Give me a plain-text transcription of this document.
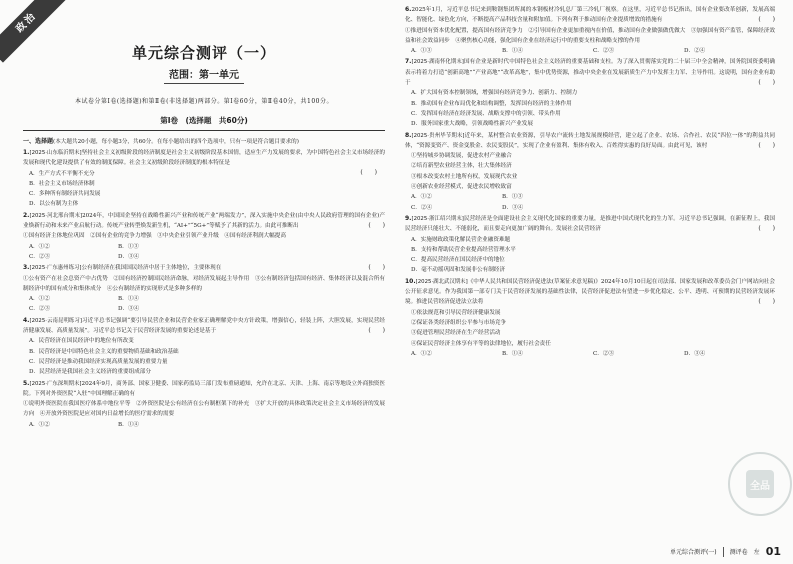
政治
单元综合测评（一）
范围：第一单元
本试卷分第Ⅰ卷(选择题)和第Ⅱ卷(非选择题)两部分。第Ⅰ卷60分，第Ⅱ卷40分，共100分。
第Ⅰ卷　(选择题　共60分)
一、选择题(本大题共20小题，每小题3分，共60分。在每小题给出的四个选项中，只有一项是符合题目要求的)
1.[2025·山东临沂期末]坚持社会主义初级阶段的经济制度是社会主义初级阶段基本国情，适应生产力发展的要求，为中国特色社会主义市场经济的发展和现代化建设提供了有效的制度保障。社会主义初级阶段经济制度的根本特征是
(　　)
A．生产方式不平衡不充分
B．社会主义市场经济体制
C．多种所有制经济共同发展
D．以公有制为主体
2.[2025·河北邢台期末]2024年，中国国企坚持在战略性新兴产业和传统产业“两端发力”，深入实施中央企业(由中央人民政府管理的国有企业)产业焕新行动和未来产业启航行动。传统产业转型焕发新生机，“AI+”“5G+”等赋予了其新的活力。由此可推断出	(　　)
①国有经济主体地位巩固　②国有企业的竞争力增强　③中央企业引领产业升级　④国有经济利润大幅提高
A．①②	B．①③
C．②③	D．③④
3.[2025·广东惠州练习]公有制经济在我国国民经济中居于主体地位，主要体现在	(　　)
①公有资产在社会总资产中占优势　②国有经济控制国民经济命脉，对经济发展起主导作用　③公有制经济包括国有经济、集体经济以及混合所有制经济中的国有成分和集体成分　④公有制经济的实现形式是多种多样的
A．①②	B．①④
C．②③	D．③④
4.[2025·云南昆明练习]习近平总书记强调“要引导民营企业和民营企业家正确理解党中央方针政策，增强信心，轻装上阵，大胆发展，实现民营经济健康发展、高质量发展”。习近平总书记关于民营经济发展的重要论述是基于	(　　)
A．民营经济在国民经济中的地位有所改变
B．民营经济是中国特色社会主义的重要物质基础和政治基础
C．民营经济是推动我国经济实现高质量发展的重要力量
D．民营经济是我国社会主义经济的重要组成部分
5.[2025·广东深圳期末]2024年9月，商务部、国家卫健委、国家药监局三部门发布重磅通知，允许在北京、天津、上海、南京等地设立外商独资医院。下列对外资医院“入驻”中国理解正确的有
①说明外资医院在我国医疗体系中地位平等　②外资医院是公有经济在公有制框架下的补充　③扩大开放的具体政策决定社会主义市场经济的发展方向　④开放外资医院是应对国内日益增长的医疗需求的需要
A．①②	B．①④
6.2025年1月，习近平总书记来到鞍钢集团所属的本钢板材冷轧总厂第三冷轧厂视察。在这里，习近平总书记指出，国有企业要改革创新，发展高端化、智能化、绿色化方向，不断提高产品科技含量和附加值。下列有利于推动国有企业提质增效的措施有	(　　)
①推进国有资本优化配置，提高国有经济竞争力　②引导国有企业更加重视内在价值，推动国有企业做强做优做大　③加强国有资产监管，保障经济效益和社会效益同步　④聚焦核心功能，强化国有企业在经济运行中的重要支柱和战略支撑的作用
A．①③	B．①④	C．②③	D．②④
7.[2025·湖南怀化期末]国有企业是新时代中国特色社会主义经济的重要基础和支柱。为了深入贯彻落实党的二十届三中全会精神，国务院国资委明确表示将着力打造“创新高地”“产业高地”“改革高地”，集中优势资源，推动中央企业在发展新质生产力中发挥主力军、主导作用。这说明，国有企业有助于	(　　)
A．扩大国有资本控制领域，增强国有经济竞争力、创新力、控制力
B．推动国有企业布局优化和结构调整，发挥国有经济的主体作用
C．发挥国有经济在经济发展、战略支撑中的引领、带头作用
D．服务国家重大战略，引领战略性新兴产业发展
8.[2025·贵州毕节期末]近年来，某村整合农业资源，引导农户流转土地发展规模经营，建立起了企业、农场、合作社、农民“四位一体”的利益共同体，“资源变资产、资金变股金、农民变股民”，实现了企业有盈利、集体有收入、百姓得实惠的良好局面。由此可见，该村	(　　)
①坚持城乡协调发展，促进农村产业融合
②培育新型农业经营主体，壮大集体经济
③根本改变农村土地所有权，发展现代农业
④创新农业经营模式，促进农民增收致富
A．①②	B．①③
C．②④	D．③④
9.[2025·浙江绍兴期末]民营经济是全面建设社会主义现代化国家的重要力量，是推进中国式现代化的生力军。习近平总书记强调，在新征程上，我国民营经济只能壮大、不能弱化，而且要走向更加广阔的舞台。发展社会民营经济	(　　)
A．实施财政政策化解民营企业融资难题
B．支持和帮助民营企业提高经营管理水平
C．提高民营经济在国民经济中的地位
D．毫不动摇巩固和发展非公有制经济
10.[2025·湖北武汉期末]《中华人民共和国民营经济促进法(草案征求意见稿)》2024年10月10日起在司法部、国家发展和改革委员会门户网站向社会公开征求意见。作为我国第一部专门关于民营经济发展的基础性法律，民营经济促进法有望进一步优化稳定、公平、透明、可预期的民营经济发展环境。推进民营经济促进法立法将	(　　)
①依法规范和引导民营经济健康发展
②保证各类经济组织公平参与市场竞争
③促进管理民营经济在生产经营活动
④保证民营经济主体享有平等的法律地位，履行社会责任
A．①②	B．①④	C．②③	D．③④
全品
单元综合测评(一) 测评卷 左 01
